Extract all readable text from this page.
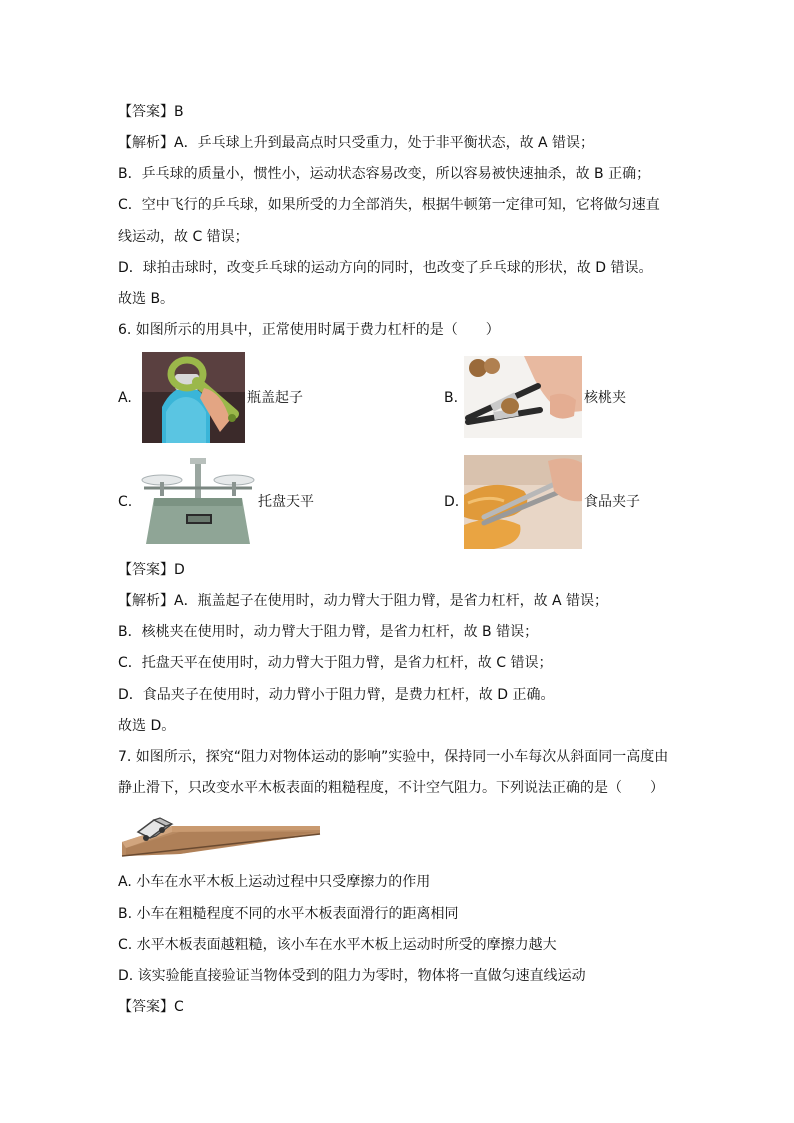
【答案】B
【解析】A．乒乓球上升到最高点时只受重力，处于非平衡状态，故 A 错误；
B．乒乓球的质量小，惯性小，运动状态容易改变，所以容易被快速抽杀，故 B 正确；
C．空中飞行的乒乓球，如果所受的力全部消失，根据牛顿第一定律可知，它将做匀速直
线运动，故 C 错误；
D．球拍击球时，改变乒乓球的运动方向的同时，也改变了乒乓球的形状，故 D 错误。
故选 B。
6. 如图所示的用具中，正常使用时属于费力杠杆的是（　　）
A.	瓶盖起子	B.	核桃夹
C.	托盘天平	D.	食品夹子
【答案】D
【解析】A．瓶盖起子在使用时，动力臂大于阻力臂，是省力杠杆，故 A 错误；
B．核桃夹在使用时，动力臂大于阻力臂，是省力杠杆，故 B 错误；
C．托盘天平在使用时，动力臂大于阻力臂，是省力杠杆，故 C 错误；
D．食品夹子在使用时，动力臂小于阻力臂，是费力杠杆，故 D 正确。
故选 D。
7. 如图所示，探究“阻力对物体运动的影响”实验中，保持同一小车每次从斜面同一高度由
静止滑下，只改变水平木板表面的粗糙程度，不计空气阻力。下列说法正确的是（　　）
A. 小车在水平木板上运动过程中只受摩擦力的作用
B. 小车在粗糙程度不同的水平木板表面滑行的距离相同
C. 水平木板表面越粗糙，该小车在水平木板上运动时所受的摩擦力越大
D. 该实验能直接验证当物体受到的阻力为零时，物体将一直做匀速直线运动
【答案】C
